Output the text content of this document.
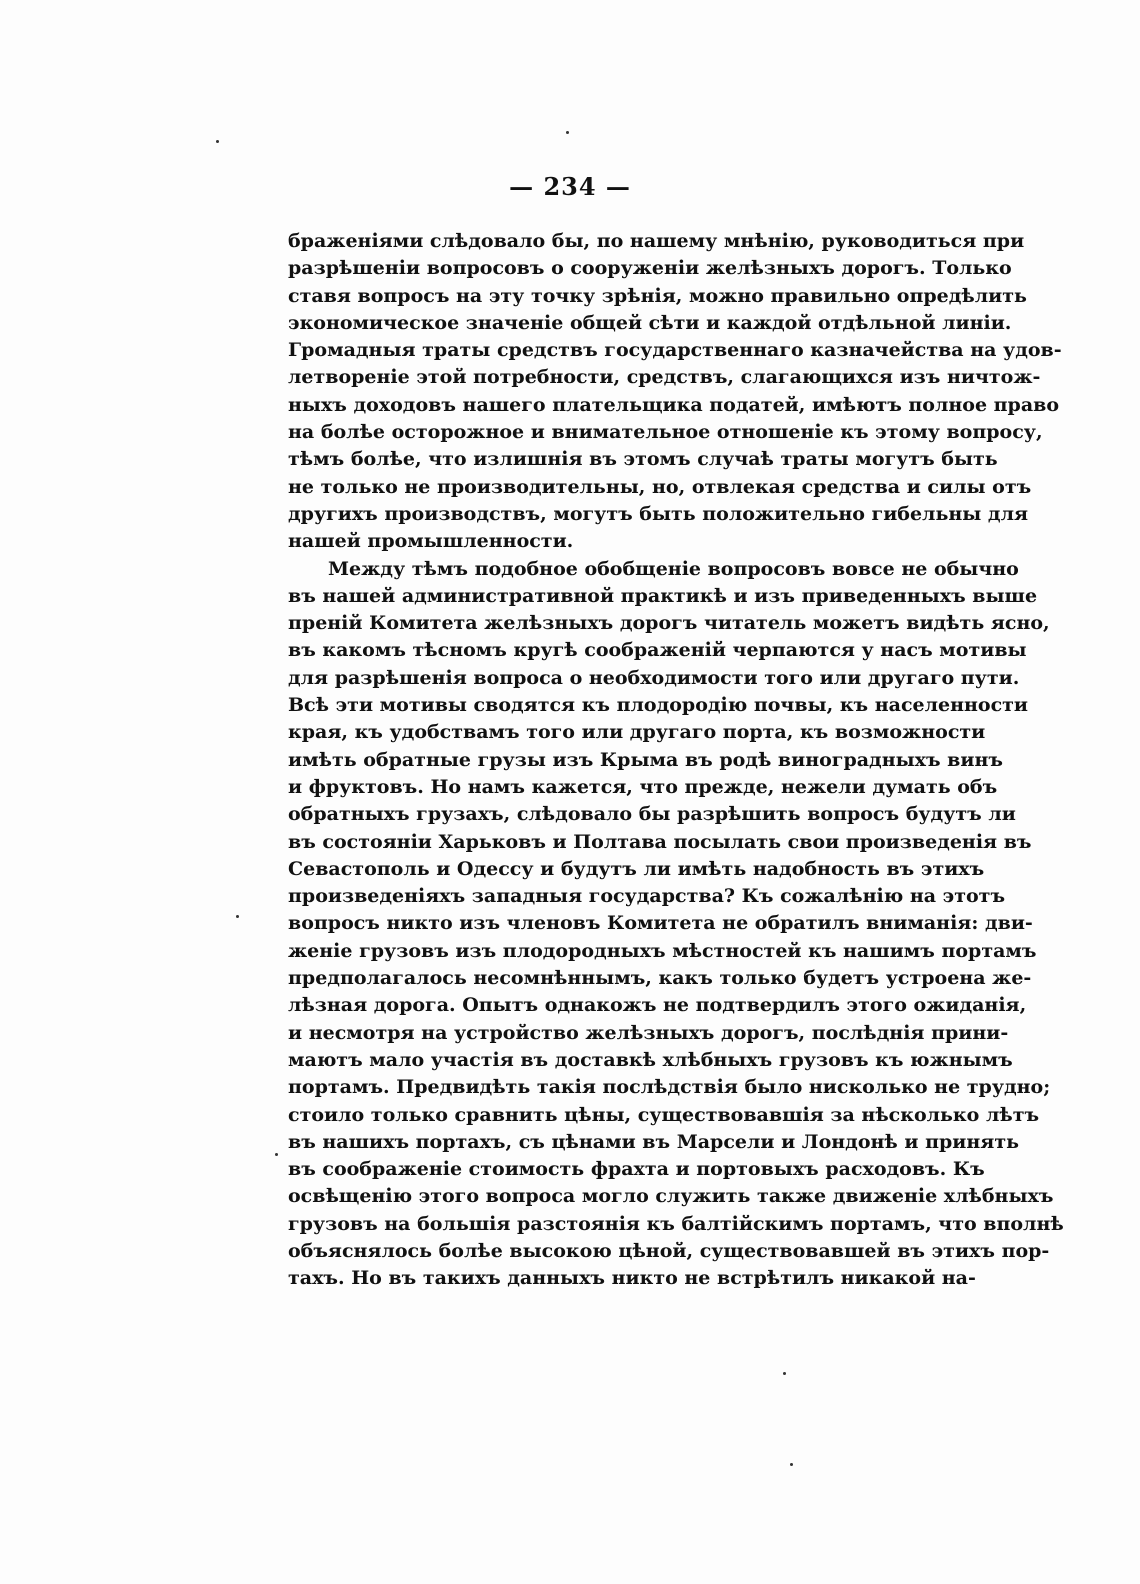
— 234 —
браженіями слѣдовало бы, по нашему мнѣнію, руководиться при
разрѣшеніи вопросовъ о сооруженіи желѣзныхъ дорогъ. Только
ставя вопросъ на эту точку зрѣнія, можно правильно опредѣлить
экономическое значеніе общей сѣти и каждой отдѣльной линіи.
Громадныя траты средствъ государственнаго казначейства на удов-
летвореніе этой потребности, средствъ, слагающихся изъ ничтож-
ныхъ доходовъ нашего плательщика податей, имѣютъ полное право
на болѣе осторожное и внимательное отношеніе къ этому вопросу,
тѣмъ болѣе, что излишнія въ этомъ случаѣ траты могутъ быть
не только не производительны, но, отвлекая средства и силы отъ
другихъ производствъ, могутъ быть положительно гибельны для
нашей промышленности.
Между тѣмъ подобное обобщеніе вопросовъ вовсе не обычно
въ нашей административной практикѣ и изъ приведенныхъ выше
преній Комитета желѣзныхъ дорогъ читатель можетъ видѣть ясно,
въ какомъ тѣсномъ кругѣ соображеній черпаются у насъ мотивы
для разрѣшенія вопроса о необходимости того или другаго пути.
Всѣ эти мотивы сводятся къ плодородію почвы, къ населенности
края, къ удобствамъ того или другаго порта, къ возможности
имѣть обратные грузы изъ Крыма въ родѣ виноградныхъ винъ
и фруктовъ. Но намъ кажется, что прежде, нежели думать объ
обратныхъ грузахъ, слѣдовало бы разрѣшить вопросъ будутъ ли
въ состояніи Харьковъ и Полтава посылать свои произведенія въ
Севастополь и Одессу и будутъ ли имѣть надобность въ этихъ
произведеніяхъ западныя государства? Къ сожалѣнію на этотъ
вопросъ никто изъ членовъ Комитета не обратилъ вниманія: дви-
женіе грузовъ изъ плодородныхъ мѣстностей къ нашимъ портамъ
предполагалось несомнѣннымъ, какъ только будетъ устроена же-
лѣзная дорога. Опытъ однакожъ не подтвердилъ этого ожиданія,
и несмотря на устройство желѣзныхъ дорогъ, послѣднія прини-
маютъ мало участія въ доставкѣ хлѣбныхъ грузовъ къ южнымъ
портамъ. Предвидѣть такія послѣдствія было нисколько не трудно;
стоило только сравнить цѣны, существовавшія за нѣсколько лѣтъ
въ нашихъ портахъ, съ цѣнами въ Марсели и Лондонѣ и принять
въ соображеніе стоимость фрахта и портовыхъ расходовъ. Къ
освѣщенію этого вопроса могло служить также движеніе хлѣбныхъ
грузовъ на большія разстоянія къ балтійскимъ портамъ, что вполнѣ
объяснялось болѣе высокою цѣной, существовавшей въ этихъ пор-
тахъ. Но въ такихъ данныхъ никто не встрѣтилъ никакой на-
